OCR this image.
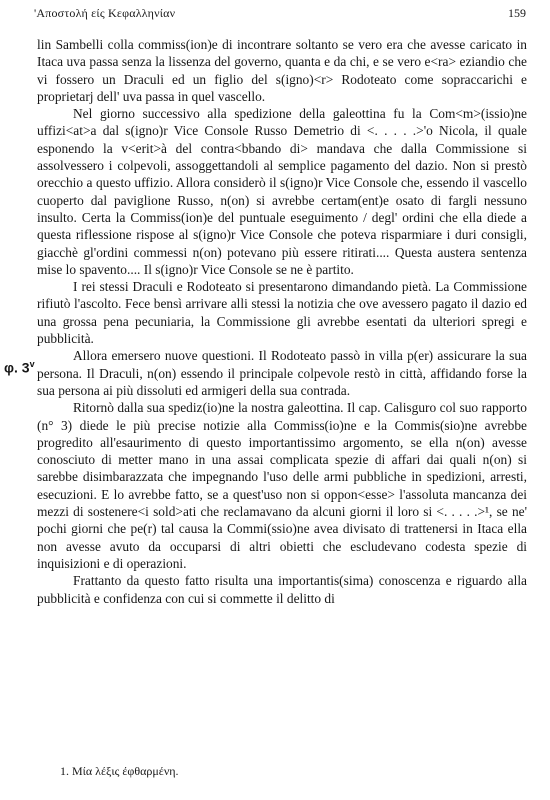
'Αποστολή είς Κεφαλληνίαν	159
φ. 3$^v$

lin Sambelli colla commiss(ion)e di incontrare soltanto se vero era che avesse caricato in Itaca uva passa senza la lissenza del governo, quanta e da chi, e se vero e<ra> eziandio che vi fossero un Draculi ed un figlio del s(igno)<r> Rodoteato come sopraccarichi e proprietarj dell' uva passa in quel vascello.

Nel giorno successivo alla spedizione della galeottina fu la Com<m>(issio)ne uffizi<at>a dal s(igno)r Vice Console Russo Demetrio di <. . . . .>'o Nicola, il quale esponendo la v<erit>à del contra<bbando di> mandava che dalla Commissione si assolvessero i colpevoli, assoggettandoli al semplice pagamento del dazio. Non si prestò orecchio a questo uffizio. Allora considerò il s(igno)r Vice Console che, essendo il vascello cuoperto dal paviglione Russo, n(on) si avrebbe certam(ent)e osato di fargli nessuno insulto. Certa la Commiss(ion)e del puntuale eseguimento / degl' ordini che ella diede a questa riflessione rispose al s(igno)r Vice Console che poteva risparmiare i duri consigli, giacchè gl'ordini commessi n(on) potevano più essere ritirati.... Questa austera sentenza mise lo spavento.... Il s(igno)r Vice Console se ne è partito.

I rei stessi Draculi e Rodoteato si presentarono dimandando pietà. La Commissione rifiutò l'ascolto. Fece bensì arrivare alli stessi la notizia che ove avessero pagato il dazio ed una grossa pena pecuniaria, la Commissione gli avrebbe esentati da ulteriori spregi e pubblicità.

Allora emersero nuove questioni. Il Rodoteato passò in villa p(er) assicurare la sua persona. Il Draculi, n(on) essendo il principale colpevole restò in città, affidando forse la sua persona ai più dissoluti ed armigeri della sua contrada.

Ritornò dalla sua spediz(io)ne la nostra galeottina. Il cap. Calisguro col suo rapporto (n° 3) diede le più precise notizie alla Commiss(io)ne e la Commis(sio)ne avrebbe progredito all'esaurimento di questo importantissimo argomento, se ella n(on) avesse conosciuto di metter mano in una assai complicata spezie di affari dai quali n(on) si sarebbe disimbarazzata che impegnando l'uso delle armi pubbliche in spedizioni, arresti, esecuzioni. E lo avrebbe fatto, se a quest'uso non si oppon<esse> l'assoluta mancanza dei mezzi di sostenere<i sold>ati che reclamavano da alcuni giorni il loro si <. . . . .>¹, se ne' pochi giorni che pe(r) tal causa la Commi(ssio)ne avea divisato di trattenersi in Itaca ella non avesse avuto da occuparsi di altri obietti che escludevano codesta spezie di inquisizioni e di operazioni.

Frattanto da questo fatto risulta una importantis(sima) conoscenza e riguardo alla pubblicità e confidenza con cui si commette il delitto di

1. Μία λέξις έφθαρμένη.
